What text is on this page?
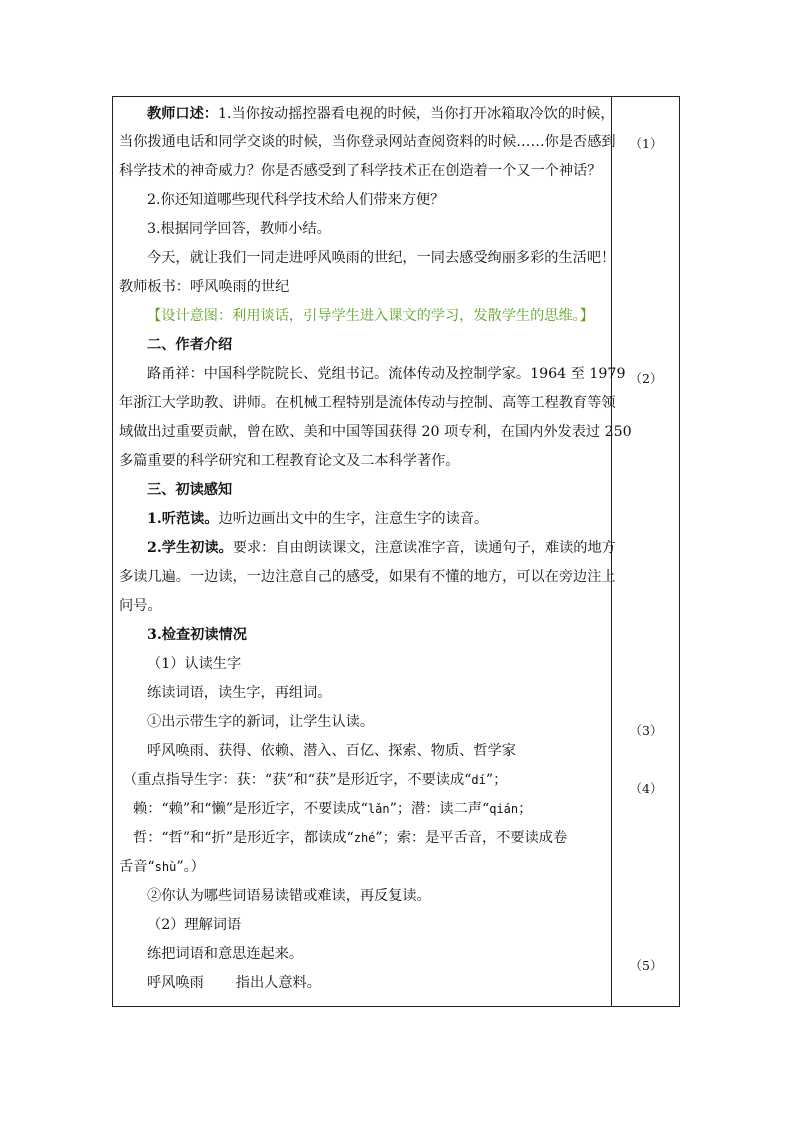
教师口述：1.当你按动摇控器看电视的时候，当你打开冰箱取冷饮的时候，
当你拨通电话和同学交谈的时候，当你登录网站查阅资料的时候……你是否感到
科学技术的神奇威力？你是否感受到了科学技术正在创造着一个又一个神话？
2.你还知道哪些现代科学技术给人们带来方便？
3.根据同学回答，教师小结。
今天，就让我们一同走进呼风唤雨的世纪，一同去感受绚丽多彩的生活吧！
教师板书：呼风唤雨的世纪
【设计意图：利用谈话，引导学生进入课文的学习，发散学生的思维。】
二、作者介绍
路甬祥：中国科学院院长、党组书记。流体传动及控制学家。1964 至 1979
年浙江大学助教、讲师。在机械工程特别是流体传动与控制、高等工程教育等领
域做出过重要贡献，曾在欧、美和中国等国获得 20 项专利，在国内外发表过 250
多篇重要的科学研究和工程教育论文及二本科学著作。
三、初读感知
1.听范读。边听边画出文中的生字，注意生字的读音。
2.学生初读。要求：自由朗读课文，注意读准字音，读通句子，难读的地方
多读几遍。一边读，一边注意自己的感受，如果有不懂的地方，可以在旁边注上
问号。
3.检查初读情况
（1）认读生字
练读词语，读生字，再组词。
①出示带生字的新词，让学生认读。
呼风唤雨、获得、依赖、潜入、百亿、探索、物质、哲学家
（重点指导生字：获：“获”和“获”是形近字，不要读成“dí”；
赖：“赖”和“懒”是形近字，不要读成“lǎn”；潜：读二声“qián；
哲：“哲”和“折”是形近字，都读成“zhé”；索：是平舌音，不要读成卷
舌音“shù”。）
②你认为哪些词语易读错或难读，再反复读。
（2）理解词语
练把词语和意思连起来。
呼风唤雨 指出人意料。
（1）
（2）
（3）
（4）
（5）
